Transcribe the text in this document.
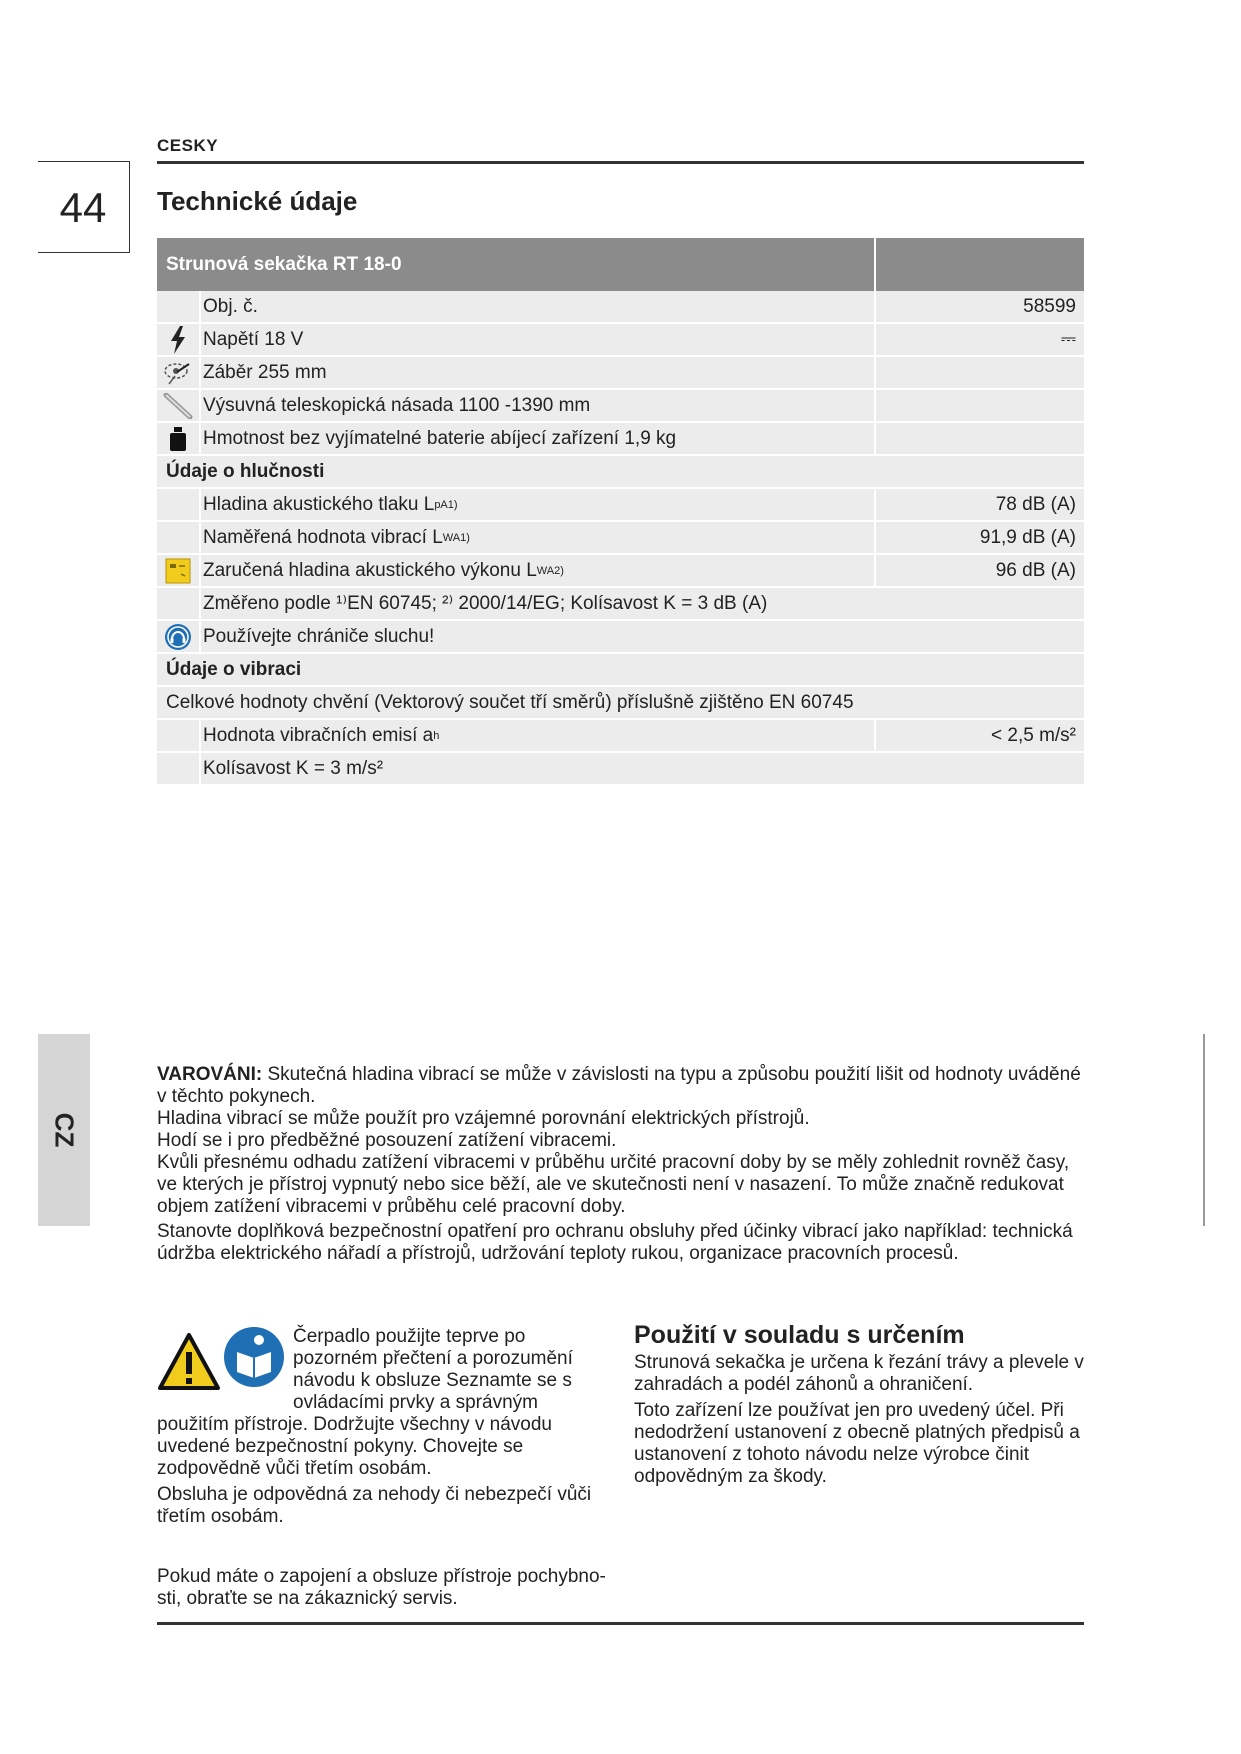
CESKY
44	Technické údaje
Strunová sekačka RT 18-0
Obj. č.	58599
Napětí 18 V	⎓
Záběr 255 mm
Výsuvná teleskopická násada 1100 -1390 mm
Hmotnost bez vyjímatelné baterie abíjecí zařízení 1,9 kg
Údaje o hlučnosti
Hladina akustického tlaku L pA 1)	78 dB (A)
Naměřená hodnota vibrací L WA 1)	91,9 dB (A)
Zaručená hladina akustického výkonu L WA 2)	96 dB (A)
Změřeno podle ¹⁾EN 60745; ²⁾ 2000/14/EG; Kolísavost K = 3 dB (A)
Používejte chrániče sluchu!
Údaje o vibraci
Celkové hodnoty chvění (Vektorový součet tří směrů) příslušně zjištěno EN 60745
Hodnota vibračních emisí a h	< 2,5 m/s²
Kolísavost K = 3 m/s²
CZ

VAROVÁNI: Skutečná hladina vibrací se může v závislosti na typu a způsobu použití lišit od hodnoty uváděné v těchto pokynech.

Hladina vibrací se může použít pro vzájemné porovnání elektrických přístrojů.

Hodí se i pro předběžné posouzení zatížení vibracemi.

Kvůli přesnému odhadu zatížení vibracemi v průběhu určité pracovní doby by se měly zohlednit rovněž časy, ve kterých je přístroj vypnutý nebo sice běží, ale ve skutečnosti není v nasazení. To může značně redukovat objem zatížení vibracemi v průběhu celé pracovní doby.

Stanovte doplňková bezpečnostní opatření pro ochranu obsluhy před účinky vibrací jako například: technická údržba elektrického nářadí a přístrojů, udržování teploty rukou, organizace pracovních procesů.

Čerpadlo použijte teprve po pozorném přečtení a porozumění návodu k obsluze Seznamte se s ovládacími prvky a správným použitím přístroje. Dodržujte všechny v návodu uvedené bezpečnostní pokyny. Chovejte se zodpovědně vůči třetím osobám.

Obsluha je odpovědná za nehody či nebezpečí vůči třetím osobám.

Pokud máte o zapojení a obsluze přístroje pochybno-sti, obraťte se na zákaznický servis.

Použití v souladu s určením

Strunová sekačka je určena k řezání trávy a plevele v zahradách a podél záhonů a ohraničení.

Toto zařízení lze používat jen pro uvedený účel. Při nedodržení ustanovení z obecně platných předpisů a ustanovení z tohoto návodu nelze výrobce činit odpovědným za škody.
